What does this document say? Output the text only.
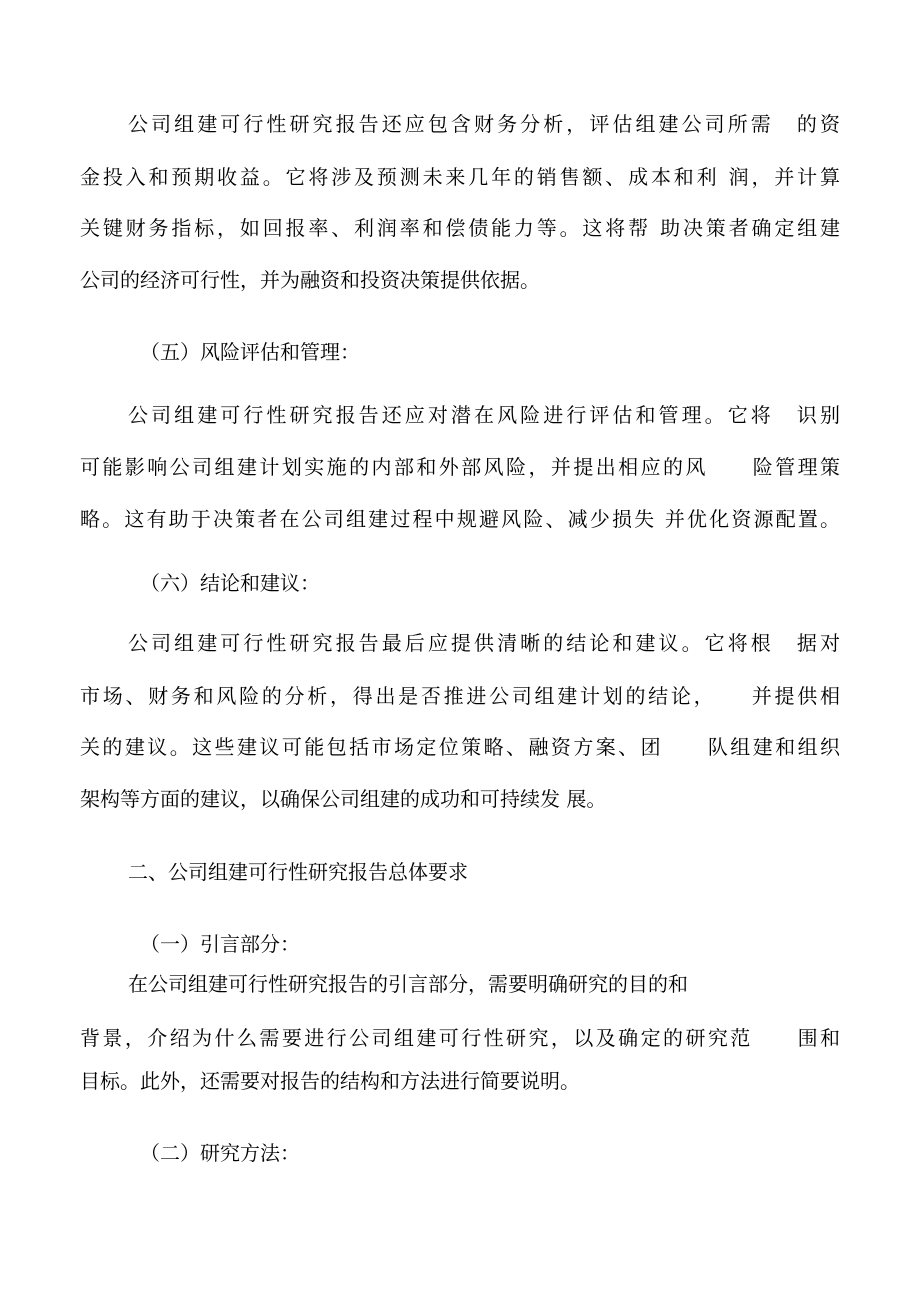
公司组建可行性研究报告还应包含财务分析，评估组建公司所需　的资
金投入和预期收益。它将涉及预测未来几年的销售额、成本和利 润，并计算
关键财务指标，如回报率、利润率和偿债能力等。这将帮 助决策者确定组建
公司的经济可行性，并为融资和投资决策提供依据。
（五）风险评估和管理：
公司组建可行性研究报告还应对潜在风险进行评估和管理。它将　识别
可能影响公司组建计划实施的内部和外部风险，并提出相应的风　　险管理策
略。这有助于决策者在公司组建过程中规避风险、减少损失 并优化资源配置。
（六）结论和建议：
公司组建可行性研究报告最后应提供清晰的结论和建议。它将根　据对
市场、财务和风险的分析，得出是否推进公司组建计划的结论，　　并提供相
关的建议。这些建议可能包括市场定位策略、融资方案、团　　队组建和组织
架构等方面的建议，以确保公司组建的成功和可持续发 展。
二、公司组建可行性研究报告总体要求
（一）引言部分：
在公司组建可行性研究报告的引言部分，需要明确研究的目的和
背景，介绍为什么需要进行公司组建可行性研究，以及确定的研究范　　围和
目标。此外，还需要对报告的结构和方法进行简要说明。
（二）研究方法：
